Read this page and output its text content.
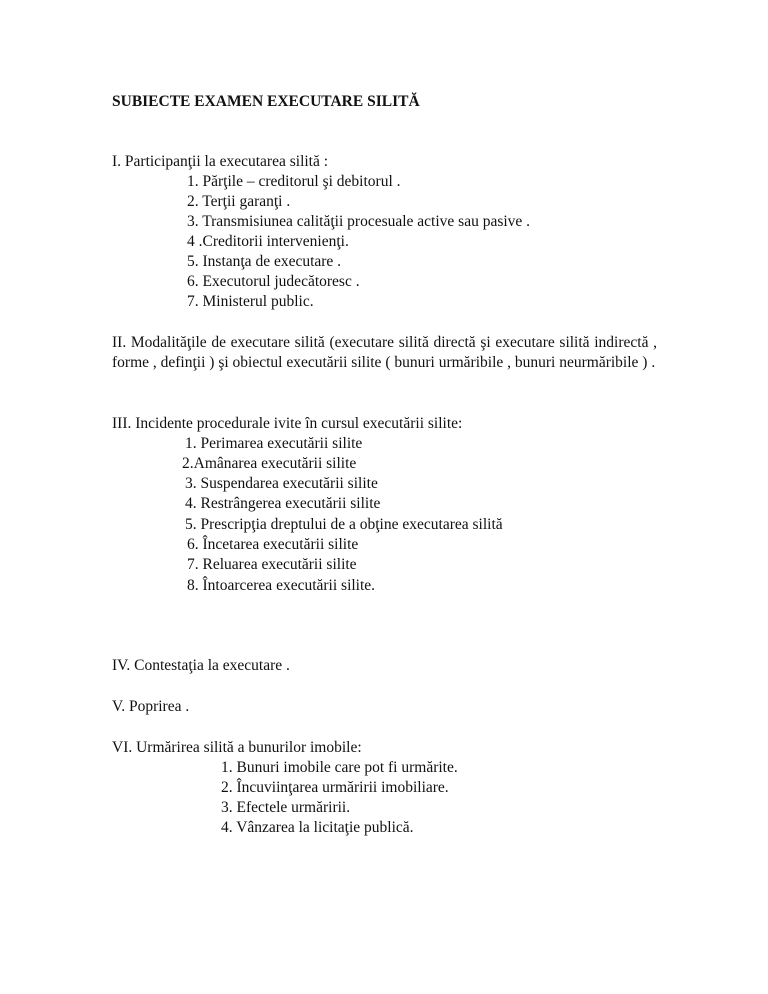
SUBIECTE EXAMEN EXECUTARE SILITĂ
I. Participanţii la executarea silită :
1. Părţile – creditorul şi debitorul .
2. Terţii garanţi .
3. Transmisiunea calităţii procesuale active sau pasive .
4 .Creditorii intervenienţi.
5. Instanţa de executare .
6. Executorul judecătoresc .
7. Ministerul public.
II. Modalităţile de executare silită (executare silită directă şi executare silită indirectă , forme , definţii ) şi obiectul executării silite ( bunuri urmăribile , bunuri neurmăribile ) .
III. Incidente procedurale ivite în cursul executării silite:
1. Perimarea executării silite
2.Amânarea executării silite
3. Suspendarea executării silite
4. Restrângerea executării silite
5. Prescripţia dreptului de a obţine executarea silită
6. Încetarea executării silite
7. Reluarea executării silite
8. Întoarcerea executării silite.
IV. Contestaţia la executare .
V. Poprirea .
VI. Urmărirea silită a bunurilor imobile:
1. Bunuri imobile care pot fi urmărite.
2. Încuviinţarea urmăririi imobiliare.
3. Efectele urmăririi.
4. Vânzarea la licitaţie publică.
